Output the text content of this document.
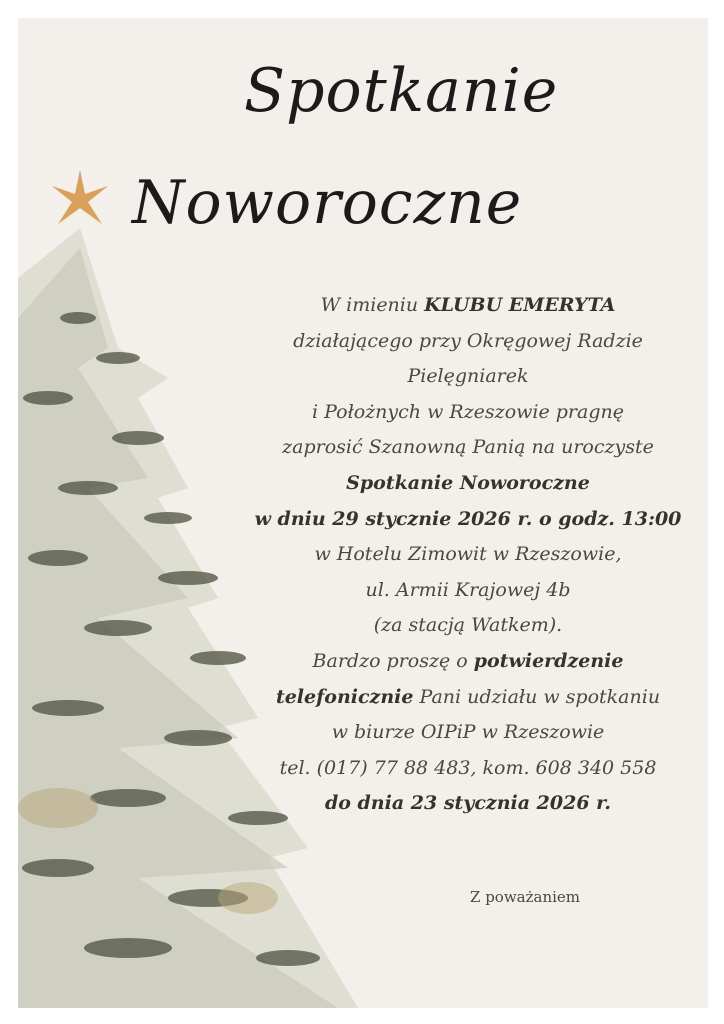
Spotkanie
Noworoczne
W imieniu KLUBU EMERYTA
działającego przy Okręgowej Radzie
Pielęgniarek
i Położnych w Rzeszowie pragnę
zaprosić Szanowną Panią na uroczyste
Spotkanie Noworoczne
w dniu 29 stycznie 2026 r. o godz. 13:00
w Hotelu Zimowit w Rzeszowie,
ul. Armii Krajowej 4b
(za stacją Watkem).
Bardzo proszę o potwierdzenie
telefonicznie Pani udziału w spotkaniu
w biurze OIPiP w Rzeszowie
tel. (017) 77 88 483, kom. 608 340 558
do dnia 23 stycznia 2026 r.
Z poważaniem
